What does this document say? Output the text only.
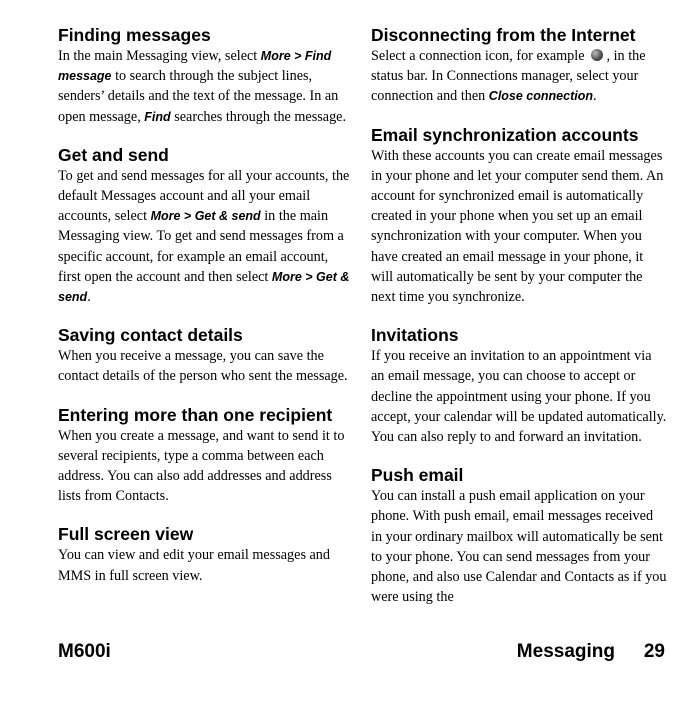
Finding messages

In the main Messaging view, select More > Find message to search through the subject lines, senders’ details and the text of the message. In an open message, Find searches through the message.

Get and send

To get and send messages for all your accounts, the default Messages account and all your email accounts, select More > Get & send in the main Messaging view. To get and send messages from a specific account, for example an email account, first open the account and then select More > Get & send.

Saving contact details

When you receive a message, you can save the contact details of the person who sent the message.

Entering more than one recipient

When you create a message, and want to send it to several recipients, type a comma between each address. You can also add addresses and address lists from Contacts.

Full screen view

You can view and edit your email messages and MMS in full screen view.

Disconnecting from the Internet

Select a connection icon, for example , in the status bar. In Connections manager, select your connection and then Close connection.

Email synchronization accounts

With these accounts you can create email messages in your phone and let your computer send them. An account for synchronized email is automatically created in your phone when you set up an email synchronization with your computer. When you have created an email message in your phone, it will automatically be sent by your computer the next time you synchronize.

Invitations

If you receive an invitation to an appointment via an email message, you can choose to accept or decline the appointment using your phone. If you accept, your calendar will be updated automatically. You can also reply to and forward an invitation.

Push email

You can install a push email application on your phone. With push email, email messages received in your ordinary mailbox will automatically be sent to your phone. You can send messages from your phone, and also use Calendar and Contacts as if you were using the

M600i	Messaging 29
